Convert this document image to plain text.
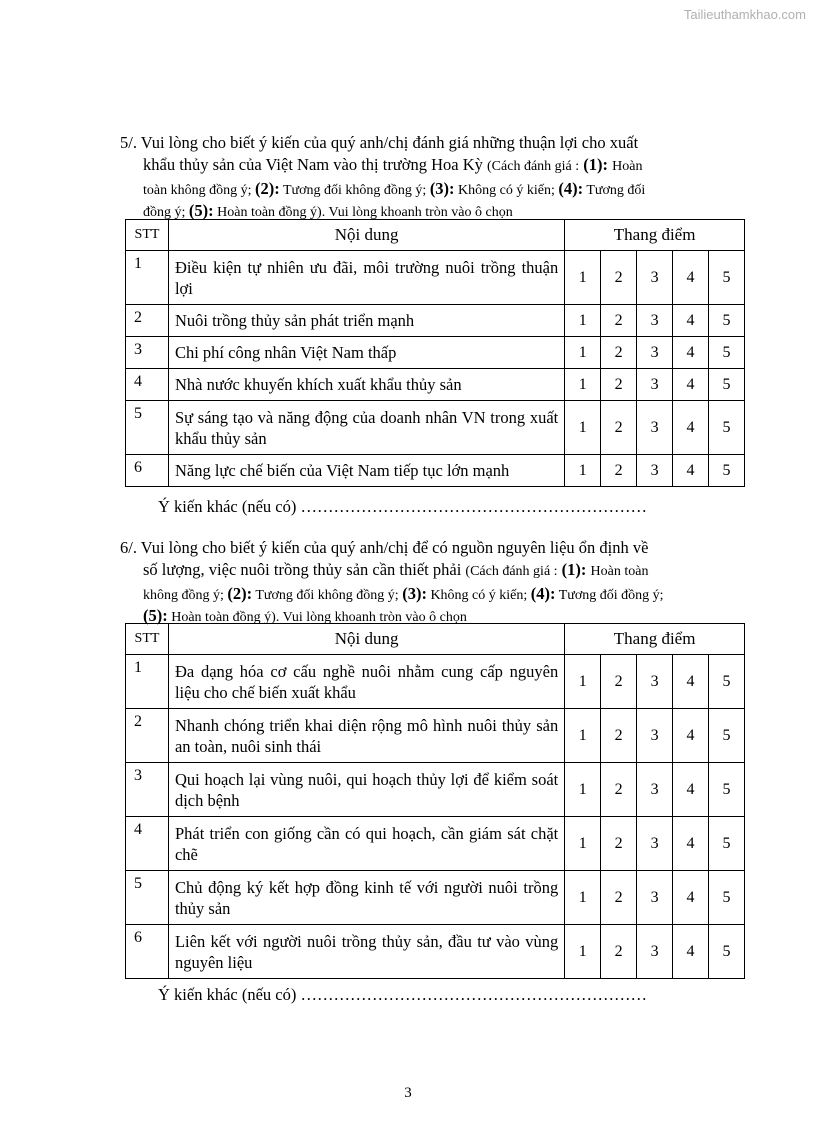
Tailieuthamkhao.com
5/. Vui lòng cho biết ý kiến của quý anh/chị đánh giá những thuận lợi cho xuất
khẩu thủy sản của Việt Nam vào thị trường Hoa Kỳ (Cách đánh giá : (1): Hoàn
toàn không đồng ý; (2): Tương đối không đồng ý; (3): Không có ý kiến; (4): Tương đối
đồng ý; (5): Hoàn toàn đồng ý). Vui lòng khoanh tròn vào ô chọn
STT	Nội dung	Thang điểm				
1	Điều kiện tự nhiên ưu đãi, môi trường nuôi trồng thuận lợi	1	2	3	4	5
2	Nuôi trồng thủy sản phát triển mạnh	1	2	3	4	5
3	Chi phí công nhân Việt Nam thấp	1	2	3	4	5
4	Nhà nước khuyến khích xuất khẩu thủy sản	1	2	3	4	5
5	Sự sáng tạo và năng động của doanh nhân VN trong xuất khẩu thủy sản	1	2	3	4	5
6	Năng lực chế biến của Việt Nam tiếp tục lớn mạnh	1	2	3	4	5
Ý kiến khác (nếu có) ………………………………………………………
6/. Vui lòng cho biết ý kiến của quý anh/chị để có nguồn nguyên liệu ổn định về
số lượng, việc nuôi trồng thủy sản cần thiết phải (Cách đánh giá : (1): Hoàn toàn
không đồng ý; (2): Tương đối không đồng ý; (3): Không có ý kiến; (4): Tương đối đồng ý;
(5): Hoàn toàn đồng ý). Vui lòng khoanh tròn vào ô chọn
STT	Nội dung	Thang điểm				
1	Đa dạng hóa cơ cấu nghề nuôi nhằm cung cấp nguyên liệu cho chế biến xuất khẩu	1	2	3	4	5
2	Nhanh chóng triển khai diện rộng mô hình nuôi thủy sản an toàn, nuôi sinh thái	1	2	3	4	5
3	Qui hoạch lại vùng nuôi, qui hoạch thủy lợi để kiểm soát dịch bệnh	1	2	3	4	5
4	Phát triển con giống cần có qui hoạch, cần giám sát chặt chẽ	1	2	3	4	5
5	Chủ động ký kết hợp đồng kinh tế với người nuôi trồng thủy sản	1	2	3	4	5
6	Liên kết với người nuôi trồng thủy sản, đầu tư vào vùng nguyên liệu	1	2	3	4	5
Ý kiến khác (nếu có) ………………………………………………………
3
